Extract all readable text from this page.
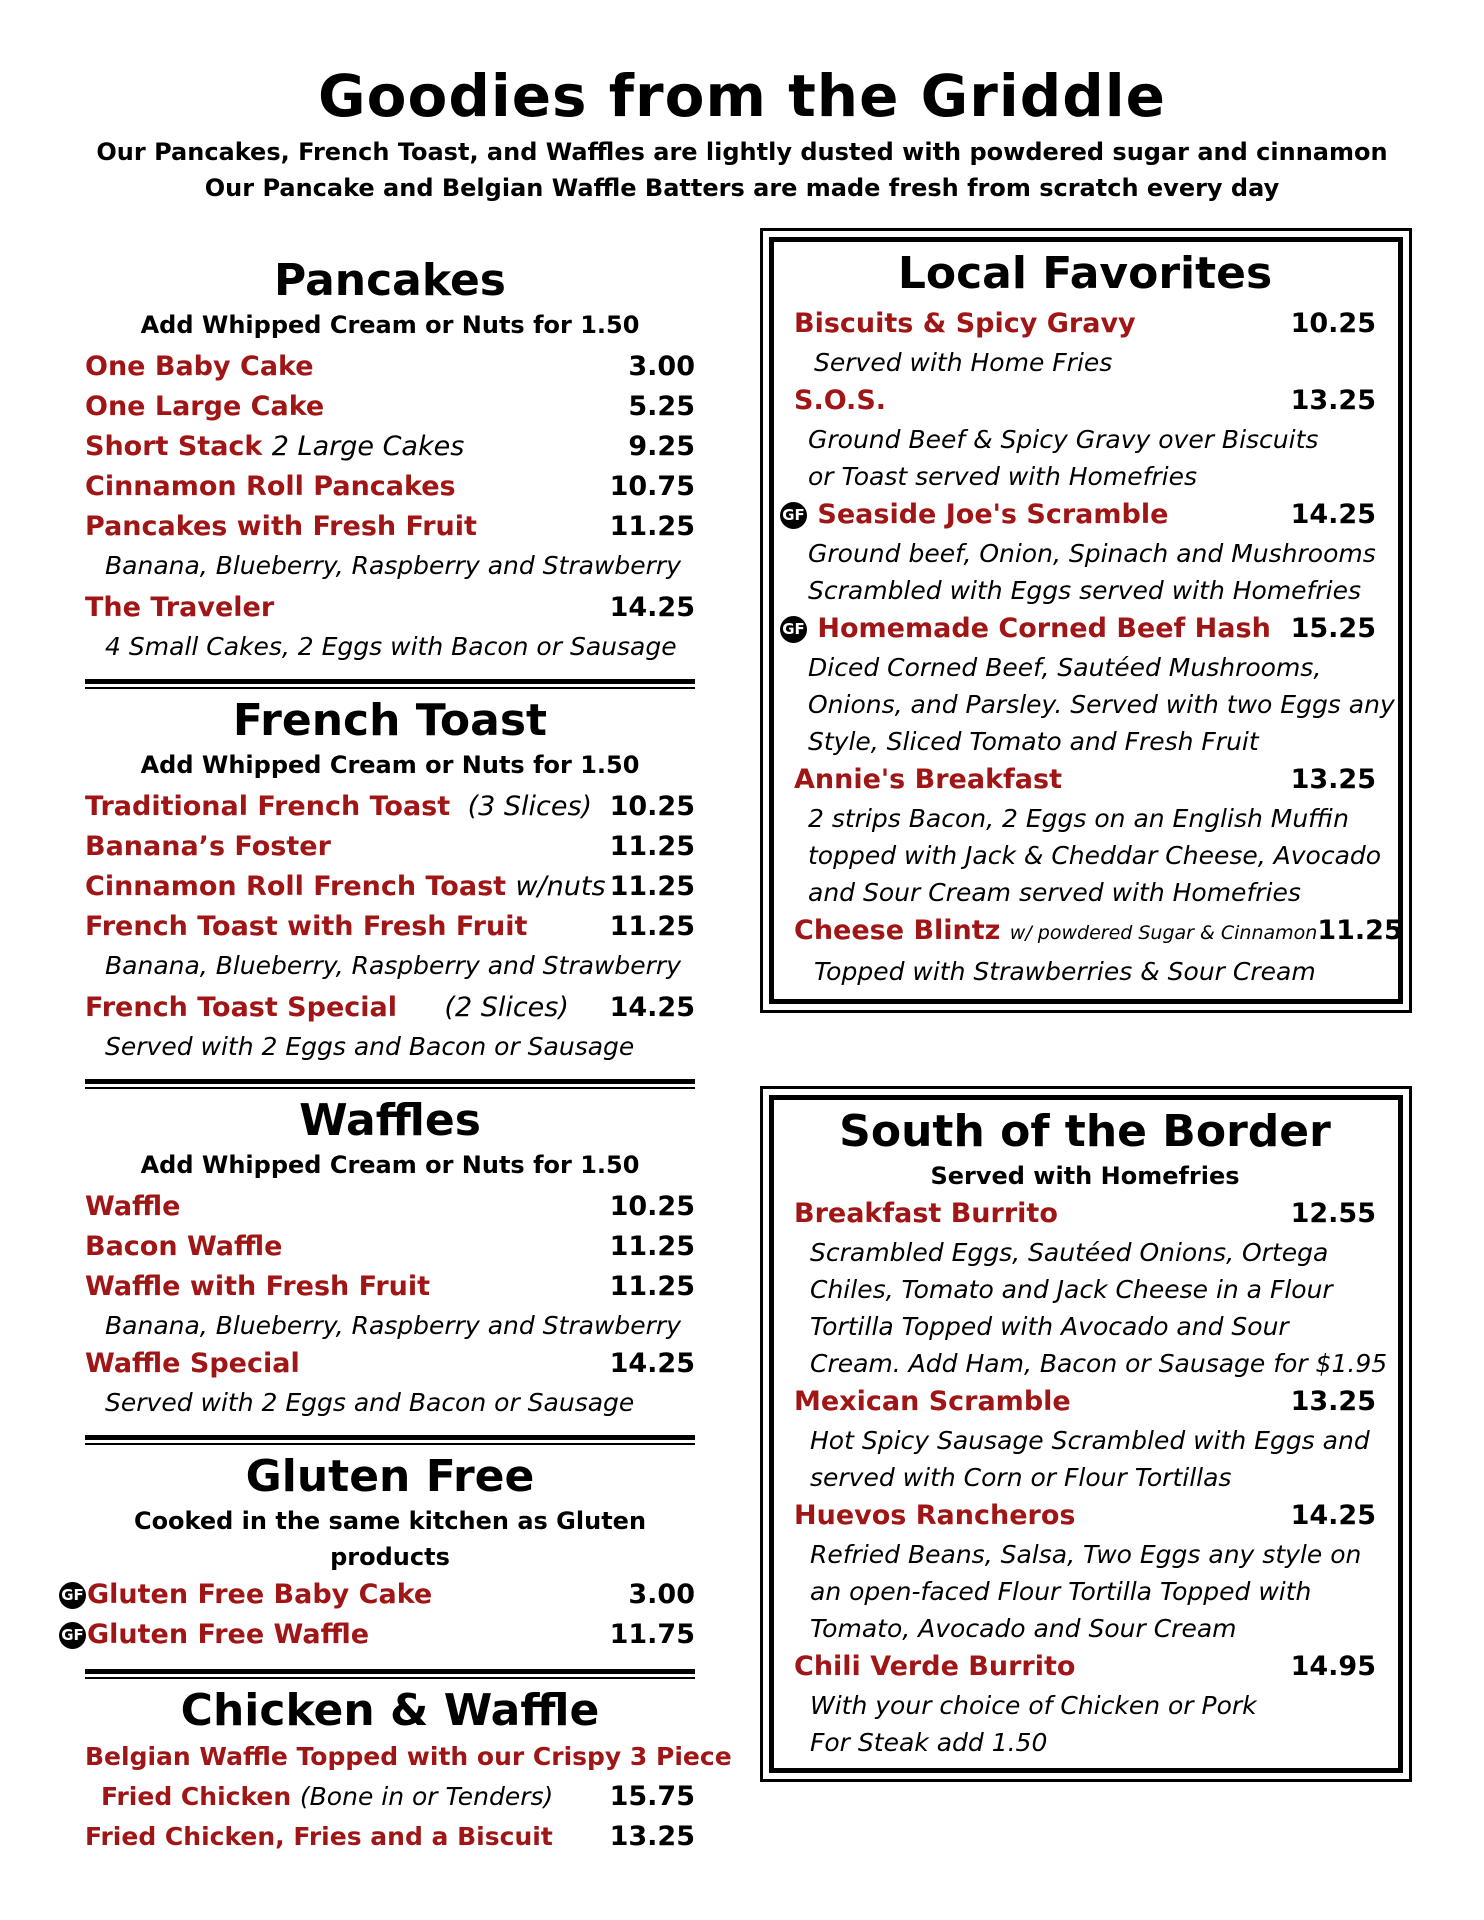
Goodies from the Griddle
Our Pancakes, French Toast, and Waffles are lightly dusted with powdered sugar and cinnamon
Our Pancake and Belgian Waffle Batters are made fresh from scratch every day
Pancakes
Add Whipped Cream or Nuts for 1.50
One Baby Cake	3.00
One Large Cake	5.25
Short Stack 2 Large Cakes	9.25
Cinnamon Roll Pancakes	10.75
Pancakes with Fresh Fruit	11.25
Banana, Blueberry, Raspberry and Strawberry
The Traveler	14.25
4 Small Cakes, 2 Eggs with Bacon or Sausage
French Toast
Add Whipped Cream or Nuts for 1.50
Traditional French Toast (3 Slices) 10.25
Banana’s Foster	11.25
Cinnamon Roll French Toast w/nuts 11.25
French Toast with Fresh Fruit	11.25
Banana, Blueberry, Raspberry and Strawberry
French Toast Special (2 Slices) 14.25
Served with 2 Eggs and Bacon or Sausage
Waffles
Add Whipped Cream or Nuts for 1.50
Waffle	10.25
Bacon Waffle	11.25
Waffle with Fresh Fruit	11.25
Banana, Blueberry, Raspberry and Strawberry
Waffle Special	14.25
Served with 2 Eggs and Bacon or Sausage
Gluten Free
Cooked in the same kitchen as Gluten products
GF Gluten Free Baby Cake	3.00
GF Gluten Free Waffle	11.75
Chicken & Waffle
Belgian Waffle Topped with our Crispy 3 Piece
Fried Chicken (Bone in or Tenders) 15.75
Fried Chicken, Fries and a Biscuit 13.25
Local Favorites
Biscuits & Spicy Gravy	10.25
Served with Home Fries
S.O.S.	13.25
Ground Beef & Spicy Gravy over Biscuits
or Toast served with Homefries
GF Seaside Joe's Scramble	14.25
Ground beef, Onion, Spinach and Mushrooms
Scrambled with Eggs served with Homefries
GF Homemade Corned Beef Hash 15.25
Diced Corned Beef, Sautéed Mushrooms,
Onions, and Parsley. Served with two Eggs any
Style, Sliced Tomato and Fresh Fruit
Annie's Breakfast	13.25
2 strips Bacon, 2 Eggs on an English Muffin
topped with Jack & Cheddar Cheese, Avocado
and Sour Cream served with Homefries
Cheese Blintz w/ powdered Sugar & Cinnamon 11.25
Topped with Strawberries & Sour Cream
South of the Border
Served with Homefries
Breakfast Burrito	12.55
Scrambled Eggs, Sautéed Onions, Ortega
Chiles, Tomato and Jack Cheese in a Flour
Tortilla Topped with Avocado and Sour
Cream. Add Ham, Bacon or Sausage for $1.95
Mexican Scramble	13.25
Hot Spicy Sausage Scrambled with Eggs and
served with Corn or Flour Tortillas
Huevos Rancheros	14.25
Refried Beans, Salsa, Two Eggs any style on
an open-faced Flour Tortilla Topped with
Tomato, Avocado and Sour Cream
Chili Verde Burrito	14.95
With your choice of Chicken or Pork
For Steak add 1.50
